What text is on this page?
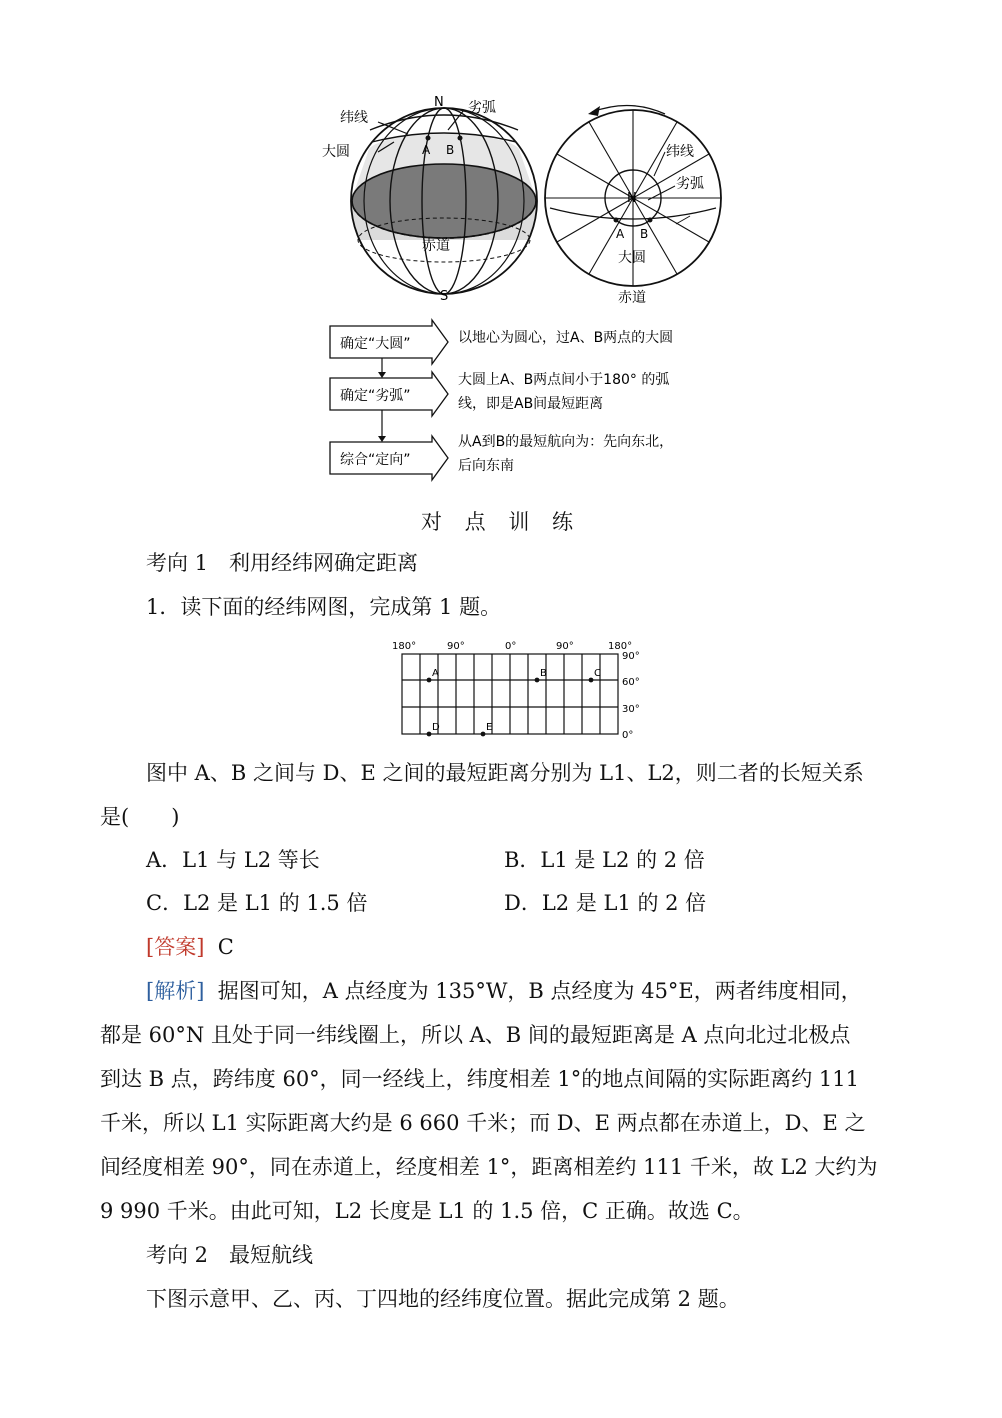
N
S
纬线
大圆
劣弧
A B
赤道
纬线
劣弧
N
A B
大圆
赤道
确定“大圆”
确定“劣弧”
综合“定向”
以地心为圆心，过A、B两点的大圆
大圆上A、B两点间小于180° 的弧
线，即是AB间最短距离
从A到B的最短航向为：先向东北，
后向东南
对 点 训 练
考向 1　利用经纬网确定距离
1．读下面的经纬网图，完成第 1 题。
180°	90°	0°	90°	180°
90°
60°
30°
0°
A	B	C
D	E
图中 A、B 之间与 D、E 之间的最短距离分别为 L1、L2，则二者的长短关系
是(　　)
A．L1 与 L2 等长	B．L1 是 L2 的 2 倍
C．L2 是 L1 的 1.5 倍	D．L2 是 L1 的 2 倍
[答案] C
[解析] 据图可知，A 点经度为 135°W，B 点经度为 45°E，两者纬度相同，
都是 60°N 且处于同一纬线圈上，所以 A、B 间的最短距离是 A 点向北过北极点
到达 B 点，跨纬度 60°，同一经线上，纬度相差 1°的地点间隔的实际距离约 111
千米，所以 L1 实际距离大约是 6 660 千米；而 D、E 两点都在赤道上，D、E 之
间经度相差 90°，同在赤道上，经度相差 1°，距离相差约 111 千米，故 L2 大约为
9 990 千米。由此可知，L2 长度是 L1 的 1.5 倍，C 正确。故选 C。
考向 2　最短航线
下图示意甲、乙、丙、丁四地的经纬度位置。据此完成第 2 题。
